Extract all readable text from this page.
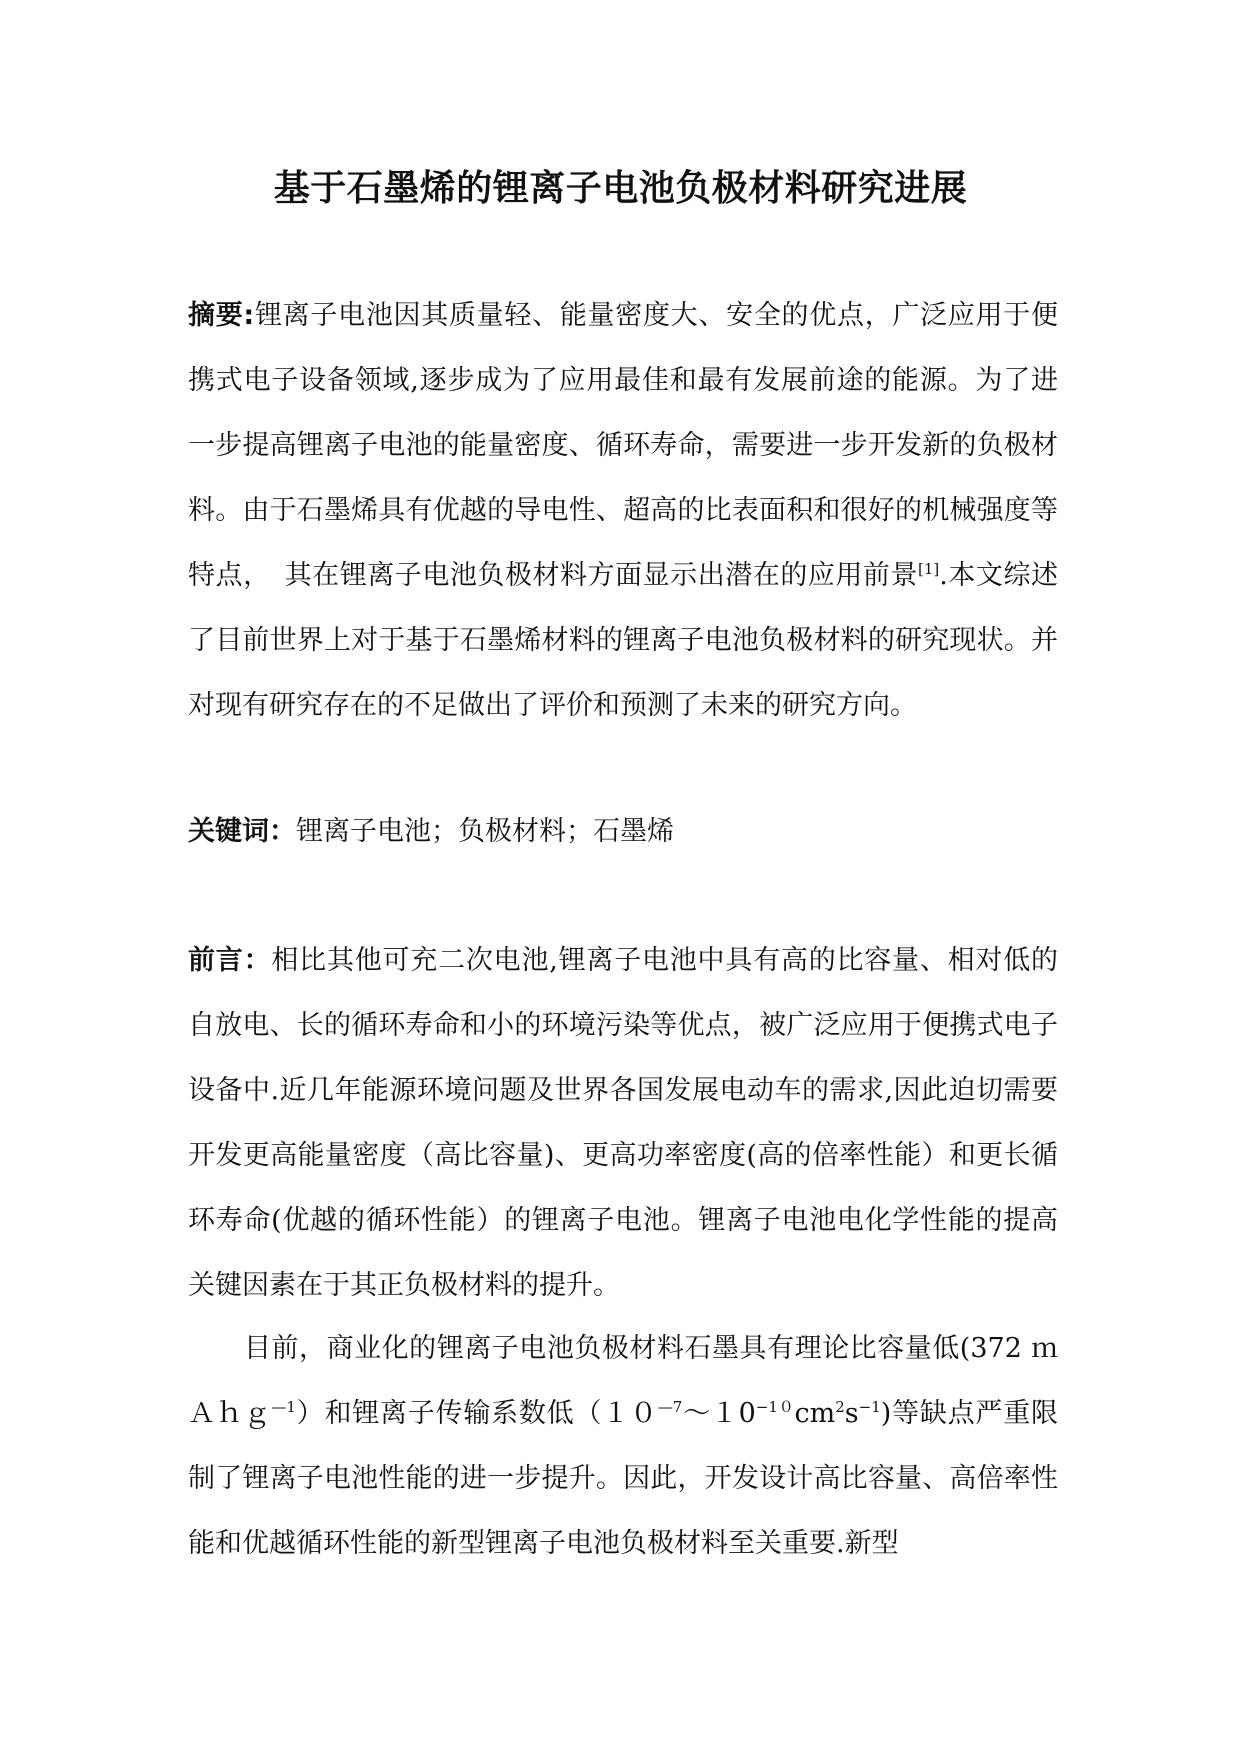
基于石墨烯的锂离子电池负极材料研究进展

摘要:锂离子电池因其质量轻、能量密度大、安全的优点，广泛应用于便携式电子设备领域,逐步成为了应用最佳和最有发展前途的能源。为了进一步提高锂离子电池的能量密度、循环寿命，需要进一步开发新的负极材料。由于石墨烯具有优越的导电性、超高的比表面积和很好的机械强度等特点，　其在锂离子电池负极材料方面显示出潜在的应用前景[1].本文综述了目前世界上对于基于石墨烯材料的锂离子电池负极材料的研究现状。并对现有研究存在的不足做出了评价和预测了未来的研究方向。

关键词：锂离子电池；负极材料；石墨烯

前言：相比其他可充二次电池,锂离子电池中具有高的比容量、相对低的自放电、长的循环寿命和小的环境污染等优点，被广泛应用于便携式电子设备中.近几年能源环境问题及世界各国发展电动车的需求,因此迫切需要开发更高能量密度（高比容量)、更高功率密度(高的倍率性能）和更长循环寿命(优越的循环性能）的锂离子电池。锂离子电池电化学性能的提高关键因素在于其正负极材料的提升。

目前，商业化的锂离子电池负极材料石墨具有理论比容量低(372 ｍＡｈｇ$^{—1}$）和锂离子传输系数低$(10^{—7}\sim 10^{-10}cm^2s^{-1})$等缺点严重限制了锂离子电池性能的进一步提升。因此，开发设计高比容量、高倍率性能和优越循环性能的新型锂离子电池负极材料至关重要.新型
